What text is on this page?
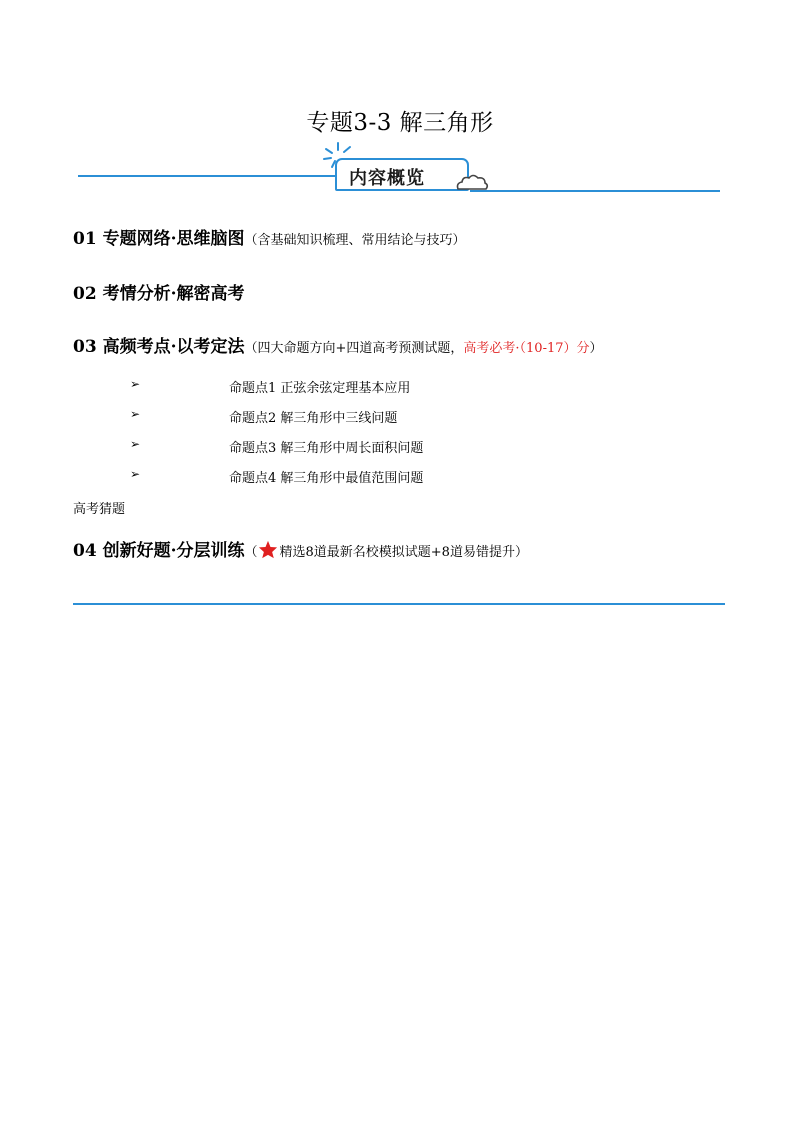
专题3-3 解三角形
内容概览
01 专题网络·思维脑图（含基础知识梳理、常用结论与技巧）
02 考情分析·解密高考
03 高频考点·以考定法（四大命题方向+四道高考预测试题，高考必考·（10-17）分）
➢	命题点1 正弦余弦定理基本应用
➢	命题点2 解三角形中三线问题
➢	命题点3 解三角形中周长面积问题
➢	命题点4 解三角形中最值范围问题
高考猜题
04 创新好题·分层训练（ 精选8道最新名校模拟试题+8道易错提升）
